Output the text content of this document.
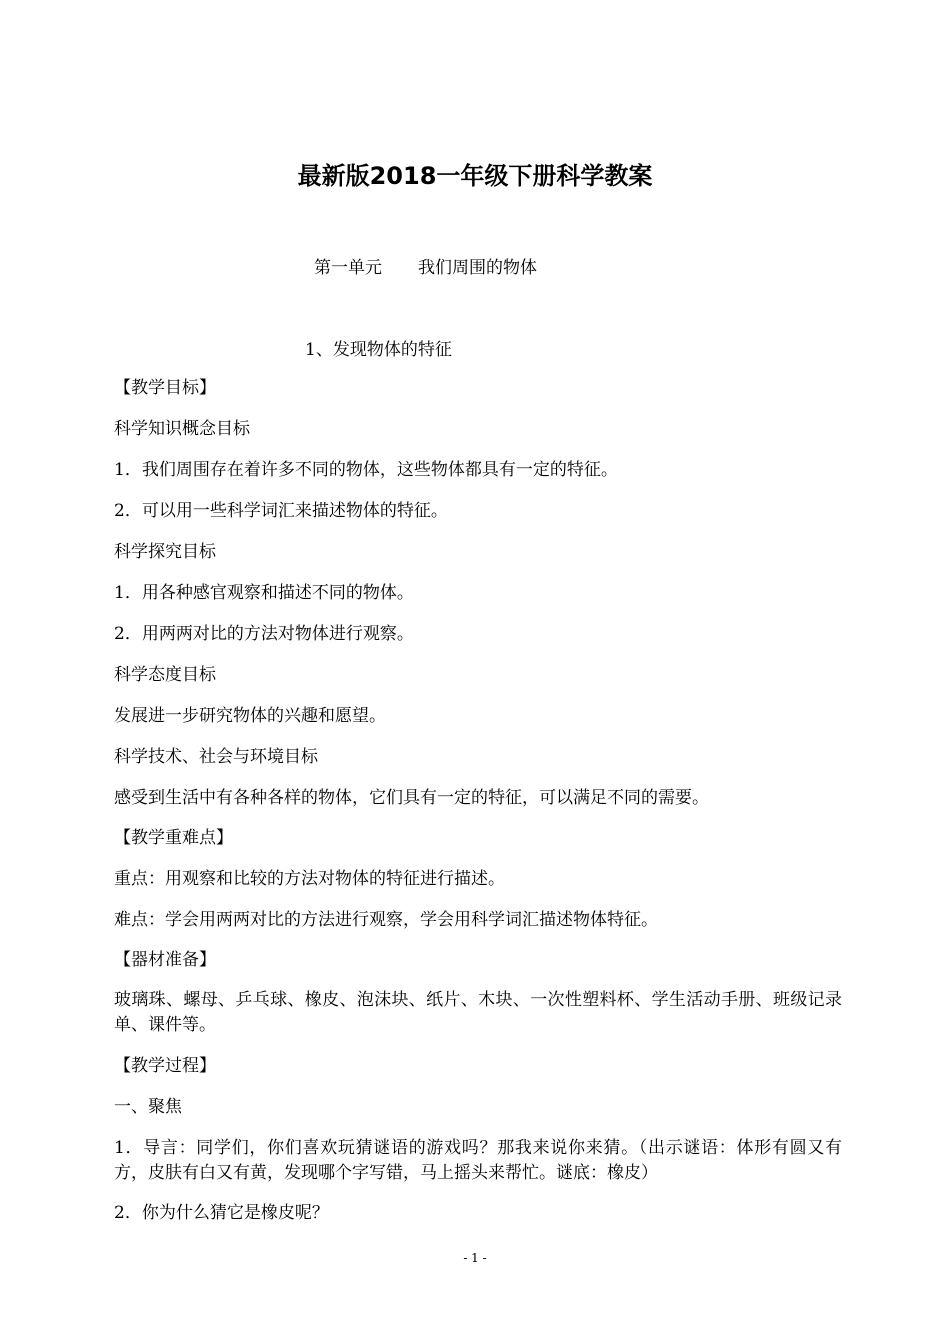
最新版2018一年级下册科学教案
第一单元 我们周围的物体
1、发现物体的特征
【教学目标】
科学知识概念目标
1．我们周围存在着许多不同的物体，这些物体都具有一定的特征。
2．可以用一些科学词汇来描述物体的特征。
科学探究目标
1．用各种感官观察和描述不同的物体。
2．用两两对比的方法对物体进行观察。
科学态度目标
发展进一步研究物体的兴趣和愿望。
科学技术、社会与环境目标
感受到生活中有各种各样的物体，它们具有一定的特征，可以满足不同的需要。
【教学重难点】
重点：用观察和比较的方法对物体的特征进行描述。
难点：学会用两两对比的方法进行观察，学会用科学词汇描述物体特征。
【器材准备】
玻璃珠、螺母、乒乓球、橡皮、泡沫块、纸片、木块、一次性塑料杯、学生活动手册、班级记录单、课件等。
【教学过程】
一、聚焦
1．导言：同学们，你们喜欢玩猜谜语的游戏吗？那我来说你来猜。（出示谜语：体形有圆又有方，皮肤有白又有黄，发现哪个字写错，马上摇头来帮忙。谜底：橡皮）
2．你为什么猜它是橡皮呢？
- 1 -
